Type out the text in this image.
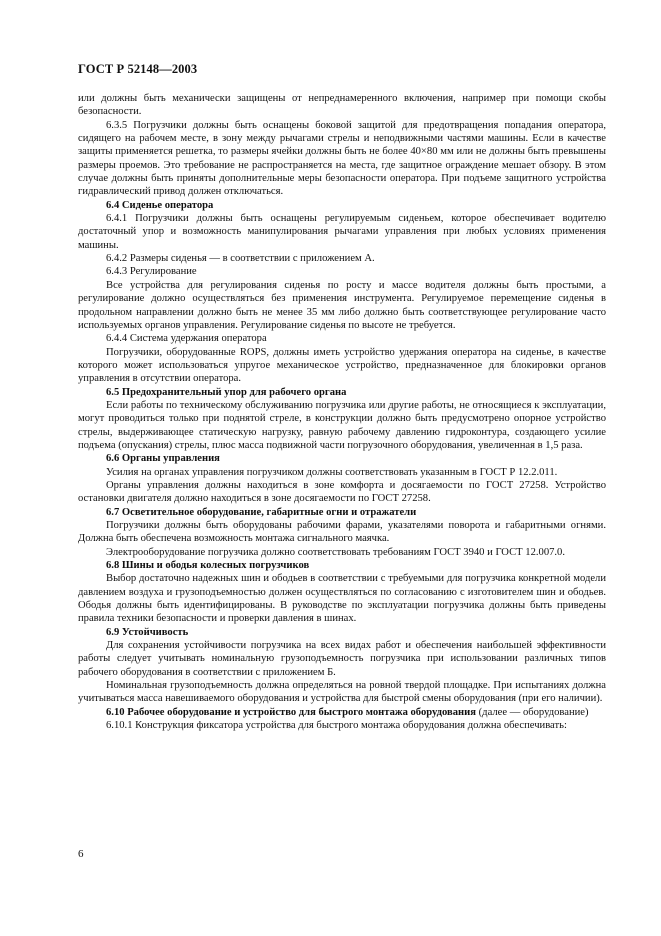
ГОСТ Р 52148—2003

или должны быть механически защищены от непреднамеренного включения, например при помощи скобы безопасности.

6.3.5 Погрузчики должны быть оснащены боковой защитой для предотвращения попадания оператора, сидящего на рабочем месте, в зону между рычагами стрелы и неподвижными частями машины. Если в качестве защиты применяется решетка, то размеры ячейки должны быть не более 40×80 мм или не должны быть превышены размеры проемов. Это требование не распространяется на места, где защитное ограждение мешает обзору. В этом случае должны быть приняты дополнительные меры безопасности оператора. При подъеме защитного устройства гидравлический привод должен отключаться.

6.4 Сиденье оператора

6.4.1 Погрузчики должны быть оснащены регулируемым сиденьем, которое обеспечивает водителю достаточный упор и возможность манипулирования рычагами управления при любых условиях применения машины.

6.4.2 Размеры сиденья — в соответствии с приложением А.

6.4.3 Регулирование

Все устройства для регулирования сиденья по росту и массе водителя должны быть простыми, а регулирование должно осуществляться без применения инструмента. Регулируемое перемещение сиденья в продольном направлении должно быть не менее 35 мм либо должно быть соответствующее регулирование часто используемых органов управления. Регулирование сиденья по высоте не требуется.

6.4.4 Система удержания оператора

Погрузчики, оборудованные ROPS, должны иметь устройство удержания оператора на сиденье, в качестве которого может использоваться упругое механическое устройство, предназначенное для блокировки органов управления в отсутствии оператора.

6.5 Предохранительный упор для рабочего органа

Если работы по техническому обслуживанию погрузчика или другие работы, не относящиеся к эксплуатации, могут проводиться только при поднятой стреле, в конструкции должно быть предусмотрено опорное устройство стрелы, выдерживающее статическую нагрузку, равную рабочему давлению гидроконтура, создающего усилие подъема (опускания) стрелы, плюс масса подвижной части погрузочного оборудования, увеличенная в 1,5 раза.

6.6 Органы управления

Усилия на органах управления погрузчиком должны соответствовать указанным в ГОСТ Р 12.2.011.

Органы управления должны находиться в зоне комфорта и досягаемости по ГОСТ 27258. Устройство остановки двигателя должно находиться в зоне досягаемости по ГОСТ 27258.

6.7 Осветительное оборудование, габаритные огни и отражатели

Погрузчики должны быть оборудованы рабочими фарами, указателями поворота и габаритными огнями. Должна быть обеспечена возможность монтажа сигнального маячка.

Электрооборудование погрузчика должно соответствовать требованиям ГОСТ 3940 и ГОСТ 12.007.0.

6.8 Шины и ободья колесных погрузчиков

Выбор достаточно надежных шин и ободьев в соответствии с требуемыми для погрузчика конкретной модели давлением воздуха и грузоподъемностью должен осуществляться по согласованию с изготовителем шин и ободьев. Ободья должны быть идентифицированы. В руководстве по эксплуатации погрузчика должны быть приведены правила техники безопасности и проверки давления в шинах.

6.9 Устойчивость

Для сохранения устойчивости погрузчика на всех видах работ и обеспечения наибольшей эффективности работы следует учитывать номинальную грузоподъемность погрузчика при использовании различных типов рабочего оборудования в соответствии с приложением Б.

Номинальная грузоподъемность должна определяться на ровной твердой площадке. При испытаниях должна учитываться масса навешиваемого оборудования и устройства для быстрой смены оборудования (при его наличии).

6.10 Рабочее оборудование и устройство для быстрого монтажа оборудования (далее — оборудование)

6.10.1 Конструкция фиксатора устройства для быстрого монтажа оборудования должна обеспечивать:

6
